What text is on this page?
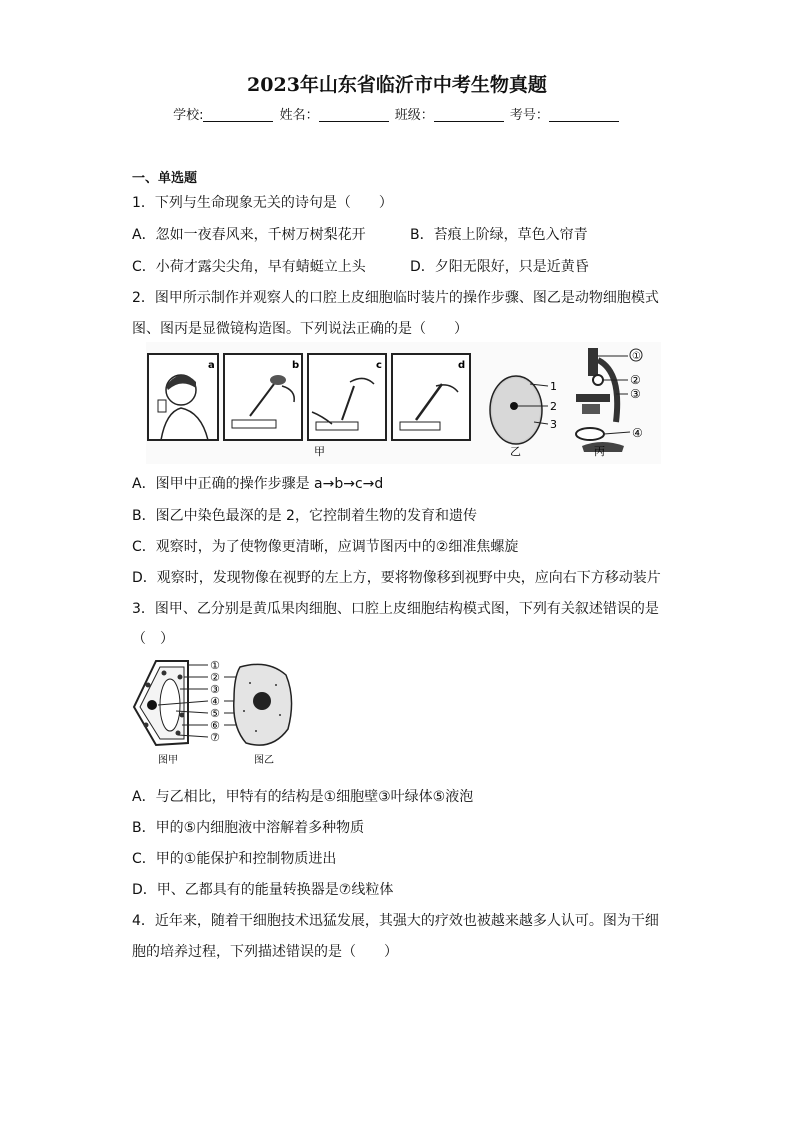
2023年山东省临沂市中考生物真题
学校:	姓名：	班级：	考号：
一、单选题
1．下列与生命现象无关的诗句是（　　）
A．忽如一夜春风来，千树万树梨花开	B．苔痕上阶绿，草色入帘青
C．小荷才露尖尖角，早有蜻蜓立上头	D．夕阳无限好，只是近黄昏
2．图甲所示制作并观察人的口腔上皮细胞临时装片的操作步骤、图乙是动物细胞模式
图、图丙是显微镜构造图。下列说法正确的是（　　）
a	b	c	d
甲
1
2
3
乙
①
②
③
④
丙
A．图甲中正确的操作步骤是 a→b→c→d
B．图乙中染色最深的是 2，它控制着生物的发育和遗传
C．观察时，为了使物像更清晰，应调节图丙中的②细准焦螺旋
D．观察时，发现物像在视野的左上方，要将物像移到视野中央，应向右下方移动装片
3．图甲、乙分别是黄瓜果肉细胞、口腔上皮细胞结构模式图，下列有关叙述错误的是
（　）
①
②
③
④
⑤
⑥
⑦
图甲	图乙
A．与乙相比，甲特有的结构是①细胞壁③叶绿体⑤液泡
B．甲的⑤内细胞液中溶解着多种物质
C．甲的①能保护和控制物质进出
D．甲、乙都具有的能量转换器是⑦线粒体
4．近年来，随着干细胞技术迅猛发展，其强大的疗效也被越来越多人认可。图为干细
胞的培养过程，下列描述错误的是（　　）
